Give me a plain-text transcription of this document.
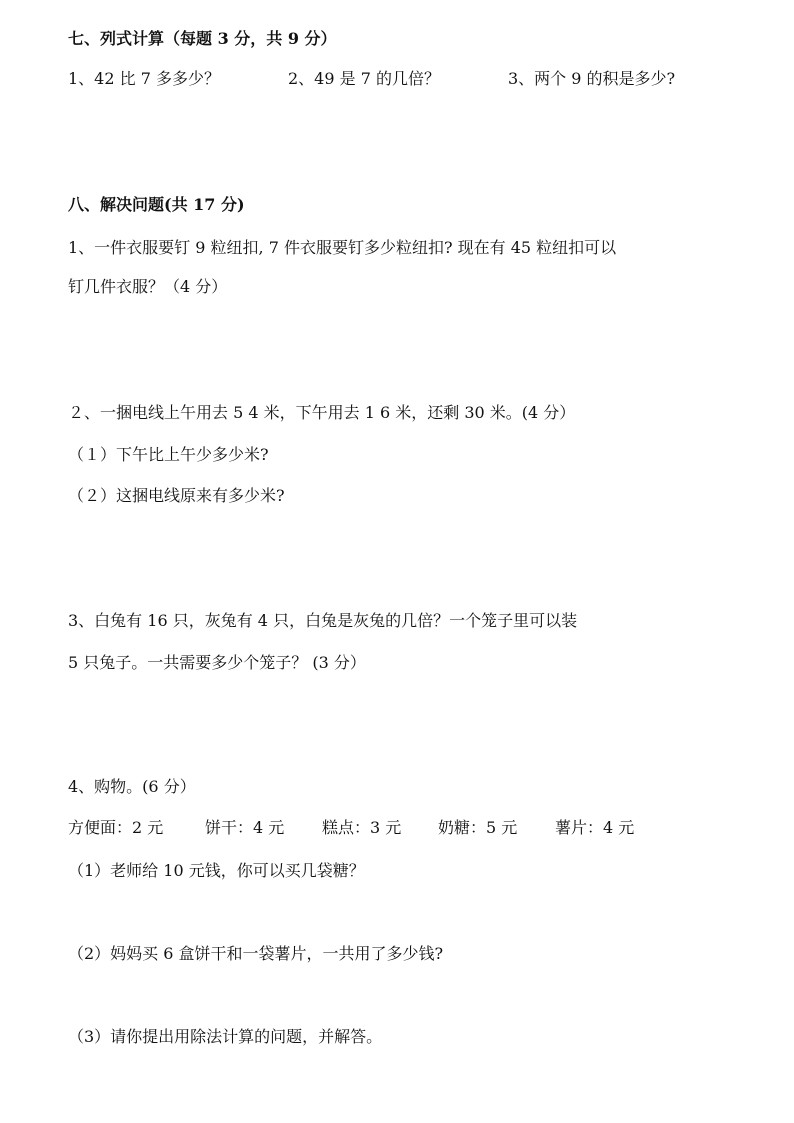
七、列式计算（每题 3 分，共 9 分）
1、42 比 7 多多少？	2、49 是 7 的几倍？	3、两个 9 的积是多少?
八、解决问题(共 17 分)
1、一件衣服要钉 9 粒纽扣, 7 件衣服要钉多少粒纽扣? 现在有 45 粒纽扣可以
钉几件衣服？（4 分）
２、一捆电线上午用去 5 4 米，下午用去 1 6 米，还剩 30 米。(4 分）
（１）下午比上午少多少米?
（２）这捆电线原来有多少米?
3、白兔有 16 只，灰兔有 4 只，白兔是灰兔的几倍？一个笼子里可以装
5 只兔子。一共需要多少个笼子？ (3 分）
4、购物。(6 分）
方便面：2 元	饼干：4 元 糕点：3 元 奶糖：5 元 薯片：4 元
（1）老师给 10 元钱，你可以买几袋糖？
（2）妈妈买 6 盒饼干和一袋薯片，一共用了多少钱?
（3）请你提出用除法计算的问题，并解答。
